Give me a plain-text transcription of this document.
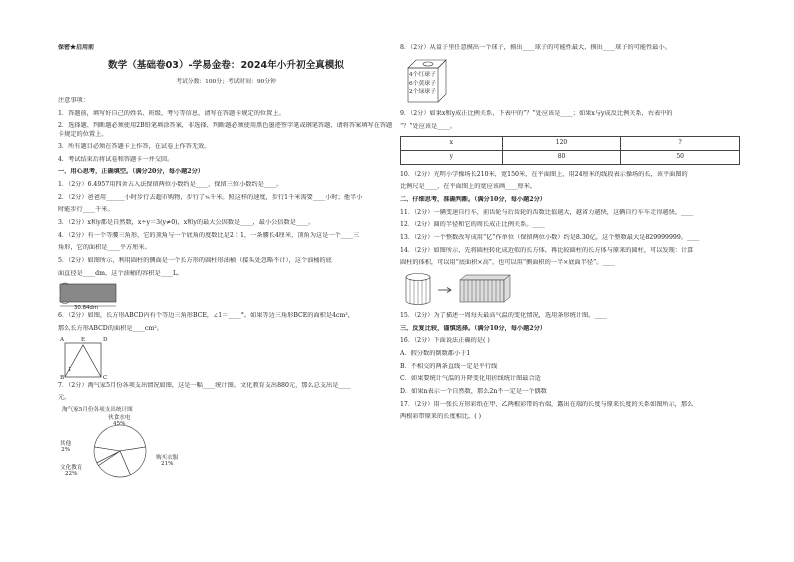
保密★启用前
数学（基础卷03）-学易金卷：2024年小升初全真模拟
考试分数：100分；考试时间：90分钟
注意事项：
1．答题前，填写好自己的姓名、班级、考号等信息，请写在答题卡规定的位置上。
2．选择题、判断题必须使用2B铅笔填涂答案，非选择、判断题必须使用黑色墨迹签字笔或钢笔答题，请将答案填写在答题卡规定的位置上。
3．所有题目必须在答题卡上作答，在试卷上作答无效。
4．考试结束后将试卷和答题卡一并交回。
一、用心思考，正确填空。（满分20分，每小题2分）
1．（2分）6.4957用四舍五入法保留两位小数约是____，保留三位小数约是____。
2．（2分）爸爸用______小时步行去超市购物，步行了⁴⁄₅千米。照这样的速度，步行1千米需要____小时；他半小
时能步行____千米。
3．（2分）x和y都是自然数，x÷y＝3(y≠0)，x和y的最大公因数是____，最小公倍数是____。
4．（2分）有一个等腰三角形，它的顶角与一个底角的度数比是2∶1，一条腰长4厘米，顶角为这是一个____三
角形，它的面积是____平方厘米。
5．（2分）如图所示，利用圆柱的侧面是一个长方形的圆柱形油桶（接头处忽略不计），这个油桶的底
面直径是____dm，这个油桶的容积是____L。
30.84dm
6．（2分）如图，长方形ABCD内有个等边三角形BCE，∠1＝____°。如果等边三角形BCE的面积是4cm²，
那么长方形ABCD的面积是____cm²。
A	E	D
1
B	C
7．（2分）淘气家5月份各项支出情况如图，这是一幅____统计图。文化教育支出880元，那么总支出是____
元。
淘气家5月份各项支出统计图
伙食水电
45%
购买衣服
21%
文化教育
22%
其他
2%
8．（2分）从盒子里任意摸出一个球子，摸出____球子的可能性最大，摸出____球子的可能性最小。
4个红球子
6个黄球子
2个绿球子
9．（2分）如果x和y成正比例关系，下表中的“？”处应该是____；如果x与y成反比例关系，右表中的
“？”处应该是____。
x	120	?
y	80	50
10．（2分）光明小学操场长210米，宽150米，在平面图上，用24厘米的线段表示操场的长，该平面图的
比例尺是____，在平面图上的宽应该画____厘米。
二、仔细思考，准确判断。（满分10分，每小题2分）
11．（2分）一辆变速自行车，前齿轮与后齿轮的齿数比值越大，越省力越快，这辆自行车车走得越快。____
12．（2分）圆的半径和它的周长成正比例关系。____
13．（2分）一个整数改写成用“亿”作单位（保留两位小数）约是8.30亿，这个整数最大是829999999。____
14．（2分）如图所示，先将圆柱转化成近似的长方体，再比较圆柱的长方体与原来的圆柱，可以发现：计算
圆柱的体积，可以用“底面积×高”，也可以用“侧面积的一半×底面半径”。____
15．（2分）为了描述一周每天最高气温的变化情况，选用条形统计图。____
三、反复比较，谨慎选择。（满分10分，每小题2分）
16．（2分）下面说法正确的是( )
A．假分数的倒数都小于1
B．不相交的两条直线一定是平行线
C．如果要统计气温的升降变化用折线统计图最合适
D．如果n表示一个自然数，那么2n不一定是一个偶数
17．（2分）用一张长方形彩纸在甲、乙两根彩带的右端，露出在端的长度与原来长度的关系如图所示，那么
两根彩带原来的长度相比，( )
